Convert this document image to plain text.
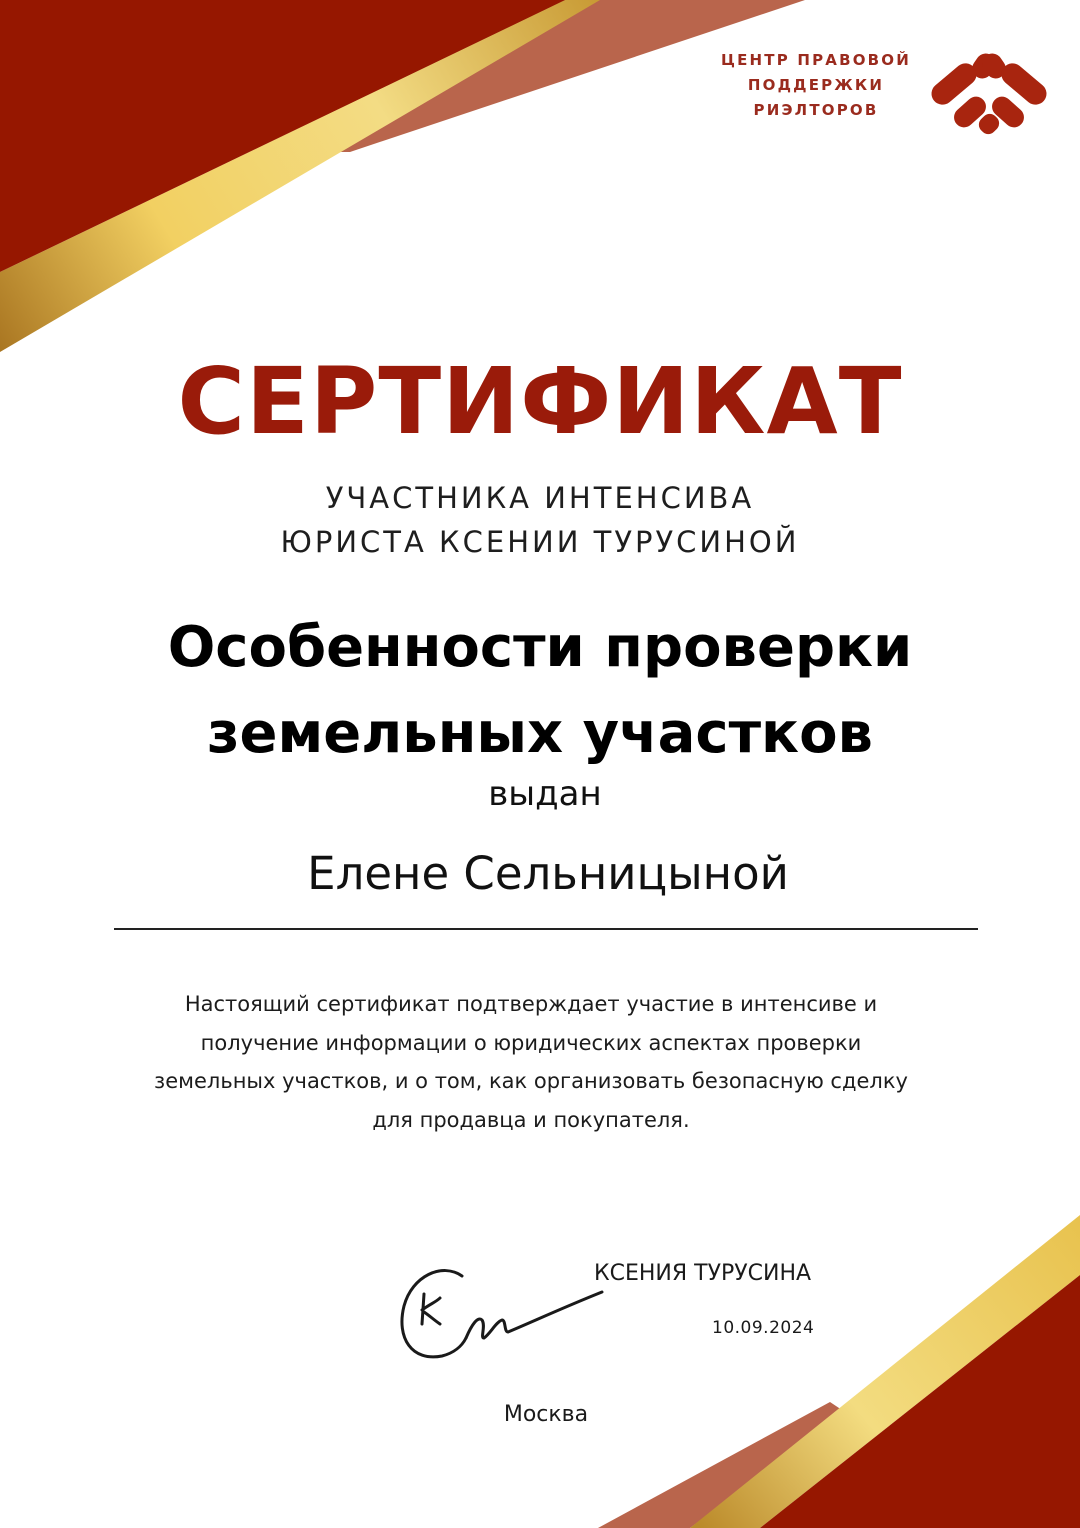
ЦЕНТР ПРАВОВОЙ
ПОДДЕРЖКИ
РИЭЛТОРОВ
СЕРТИФИКАТ
УЧАСТНИКА ИНТЕНСИВА
ЮРИСТА КСЕНИИ ТУРУСИНОЙ
Особенности проверки
земельных участков
выдан
Елене Сельницыной
Настоящий сертификат подтверждает участие в интенсиве и
получение информации о юридических аспектах проверки
земельных участков, и о том, как организовать безопасную сделку
для продавца и покупателя.
КСЕНИЯ ТУРУСИНА
10.09.2024
Москва
